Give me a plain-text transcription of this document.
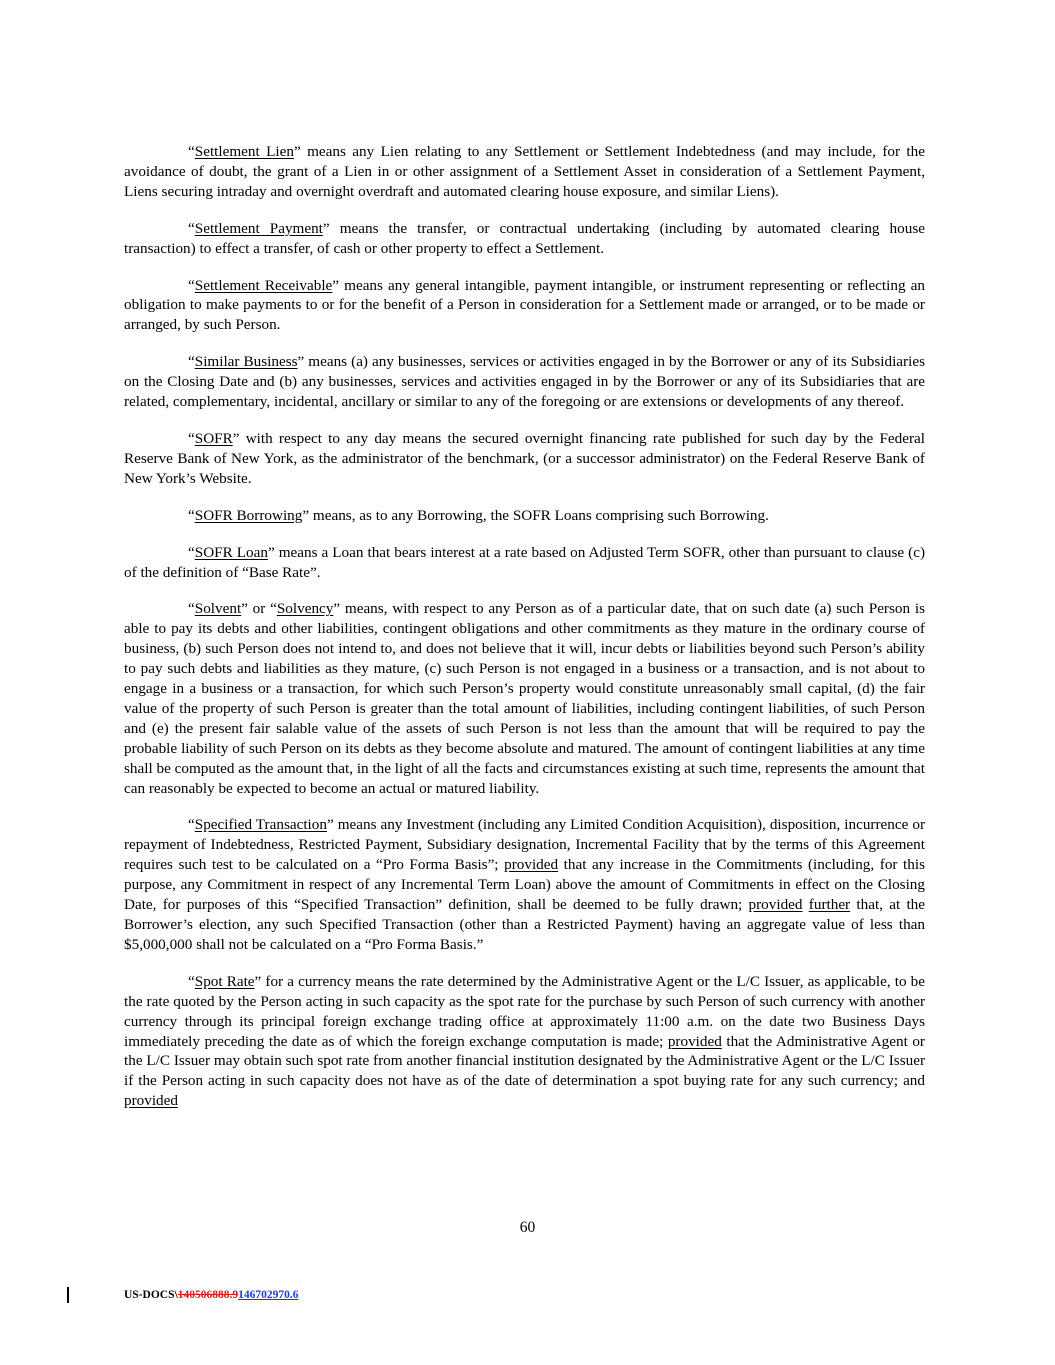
“Settlement Lien” means any Lien relating to any Settlement or Settlement Indebtedness (and may include, for the avoidance of doubt, the grant of a Lien in or other assignment of a Settlement Asset in consideration of a Settlement Payment, Liens securing intraday and overnight overdraft and automated clearing house exposure, and similar Liens).

“Settlement Payment” means the transfer, or contractual undertaking (including by automated clearing house transaction) to effect a transfer, of cash or other property to effect a Settlement.

“Settlement Receivable” means any general intangible, payment intangible, or instrument representing or reflecting an obligation to make payments to or for the benefit of a Person in consideration for a Settlement made or arranged, or to be made or arranged, by such Person.

“Similar Business” means (a) any businesses, services or activities engaged in by the Borrower or any of its Subsidiaries on the Closing Date and (b) any businesses, services and activities engaged in by the Borrower or any of its Subsidiaries that are related, complementary, incidental, ancillary or similar to any of the foregoing or are extensions or developments of any thereof.

“SOFR” with respect to any day means the secured overnight financing rate published for such day by the Federal Reserve Bank of New York, as the administrator of the benchmark, (or a successor administrator) on the Federal Reserve Bank of New York’s Website.

“SOFR Borrowing” means, as to any Borrowing, the SOFR Loans comprising such Borrowing.

“SOFR Loan” means a Loan that bears interest at a rate based on Adjusted Term SOFR, other than pursuant to clause (c) of the definition of “Base Rate”.

“Solvent” or “Solvency” means, with respect to any Person as of a particular date, that on such date (a) such Person is able to pay its debts and other liabilities, contingent obligations and other commitments as they mature in the ordinary course of business, (b) such Person does not intend to, and does not believe that it will, incur debts or liabilities beyond such Person’s ability to pay such debts and liabilities as they mature, (c) such Person is not engaged in a business or a transaction, and is not about to engage in a business or a transaction, for which such Person’s property would constitute unreasonably small capital, (d) the fair value of the property of such Person is greater than the total amount of liabilities, including contingent liabilities, of such Person and (e) the present fair salable value of the assets of such Person is not less than the amount that will be required to pay the probable liability of such Person on its debts as they become absolute and matured. The amount of contingent liabilities at any time shall be computed as the amount that, in the light of all the facts and circumstances existing at such time, represents the amount that can reasonably be expected to become an actual or matured liability.

“Specified Transaction” means any Investment (including any Limited Condition Acquisition), disposition, incurrence or repayment of Indebtedness, Restricted Payment, Subsidiary designation, Incremental Facility that by the terms of this Agreement requires such test to be calculated on a “Pro Forma Basis”; provided that any increase in the Commitments (including, for this purpose, any Commitment in respect of any Incremental Term Loan) above the amount of Commitments in effect on the Closing Date, for purposes of this “Specified Transaction” definition, shall be deemed to be fully drawn; provided further that, at the Borrower’s election, any such Specified Transaction (other than a Restricted Payment) having an aggregate value of less than $5,000,000 shall not be calculated on a “Pro Forma Basis.”

“Spot Rate” for a currency means the rate determined by the Administrative Agent or the L/C Issuer, as applicable, to be the rate quoted by the Person acting in such capacity as the spot rate for the purchase by such Person of such currency with another currency through its principal foreign exchange trading office at approximately 11:00 a.m. on the date two Business Days immediately preceding the date as of which the foreign exchange computation is made; provided that the Administrative Agent or the L/C Issuer may obtain such spot rate from another financial institution designated by the Administrative Agent or the L/C Issuer if the Person acting in such capacity does not have as of the date of determination a spot buying rate for any such currency; and provided

60
US-DOCS\140506888.9146702970.6
